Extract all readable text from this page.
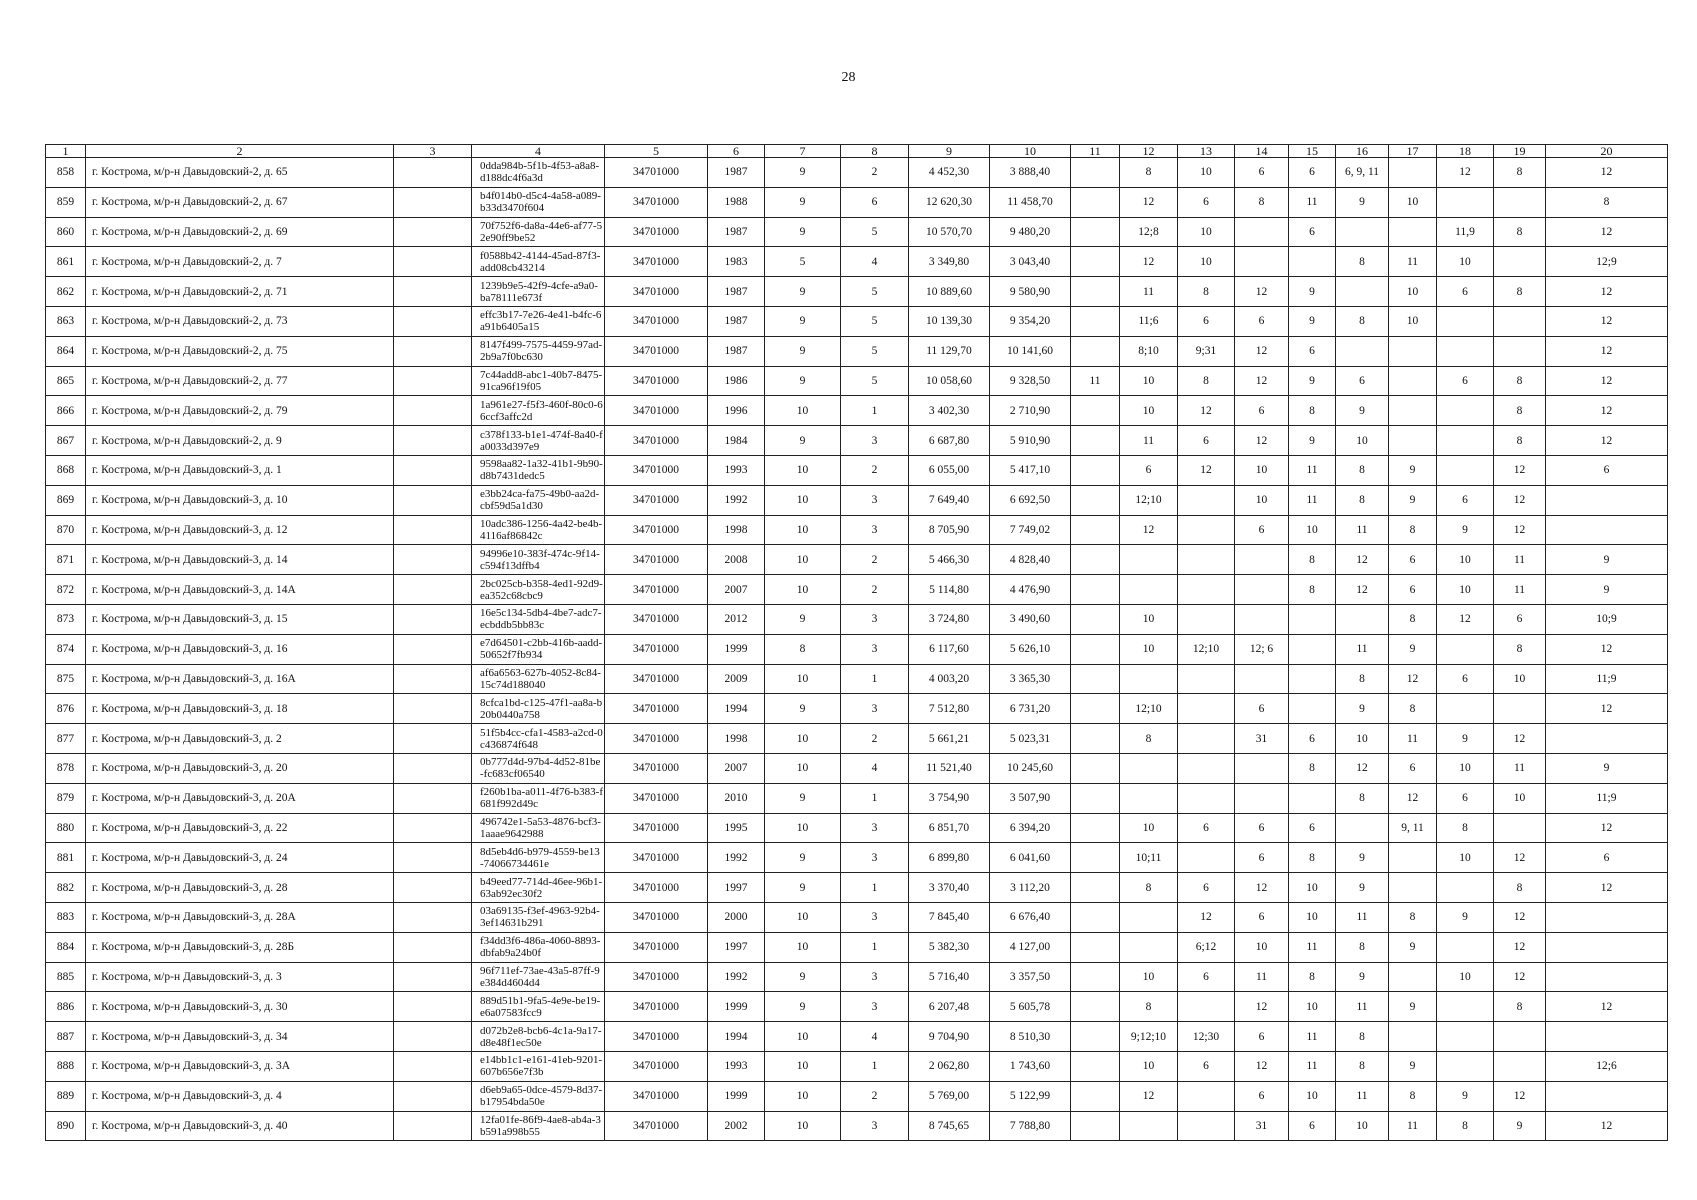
28
1	2	3	4	5	6	7	8	9	10	11	12	13	14	15	16	17	18	19	20
858	г. Кострома, м/р-н Давыдовский-2, д. 65		0dda984b-5f1b-4f53-a8a8-d188dc4f6a3d	34701000	1987	9	2	4 452,30	3 888,40		8	10	6	6	6, 9, 11		12	8	12
859	г. Кострома, м/р-н Давыдовский-2, д. 67		b4f014b0-d5c4-4a58-a089-b33d3470f604	34701000	1988	9	6	12 620,30	11 458,70		12	6	8	11	9	10			8
860	г. Кострома, м/р-н Давыдовский-2, д. 69		70f752f6-da8a-44e6-af77-52e90ff9be52	34701000	1987	9	5	10 570,70	9 480,20		12;8	10		6			11,9	8	12
861	г. Кострома, м/р-н Давыдовский-2, д. 7		f0588b42-4144-45ad-87f3-add08cb43214	34701000	1983	5	4	3 349,80	3 043,40		12	10			8	11	10		12;9
862	г. Кострома, м/р-н Давыдовский-2, д. 71		1239b9e5-42f9-4cfe-a9a0-ba78111e673f	34701000	1987	9	5	10 889,60	9 580,90		11	8	12	9		10	6	8	12
863	г. Кострома, м/р-н Давыдовский-2, д. 73		effc3b17-7e26-4e41-b4fc-6a91b6405a15	34701000	1987	9	5	10 139,30	9 354,20		11;6	6	6	9	8	10			12
864	г. Кострома, м/р-н Давыдовский-2, д. 75		8147f499-7575-4459-97ad-2b9a7f0bc630	34701000	1987	9	5	11 129,70	10 141,60		8;10	9;31	12	6					12
865	г. Кострома, м/р-н Давыдовский-2, д. 77		7c44add8-abc1-40b7-8475-91ca96f19f05	34701000	1986	9	5	10 058,60	9 328,50	11	10	8	12	9	6		6	8	12
866	г. Кострома, м/р-н Давыдовский-2, д. 79		1a961e27-f5f3-460f-80c0-66ccf3affc2d	34701000	1996	10	1	3 402,30	2 710,90		10	12	6	8	9			8	12
867	г. Кострома, м/р-н Давыдовский-2, д. 9		c378f133-b1e1-474f-8a40-fa0033d397e9	34701000	1984	9	3	6 687,80	5 910,90		11	6	12	9	10			8	12
868	г. Кострома, м/р-н Давыдовский-3, д. 1		9598aa82-1a32-41b1-9b90-d8b7431dedc5	34701000	1993	10	2	6 055,00	5 417,10		6	12	10	11	8	9		12	6
869	г. Кострома, м/р-н Давыдовский-3, д. 10		e3bb24ca-fa75-49b0-aa2d-cbf59d5a1d30	34701000	1992	10	3	7 649,40	6 692,50		12;10		10	11	8	9	6	12	
870	г. Кострома, м/р-н Давыдовский-3, д. 12		10adc386-1256-4a42-be4b-4116af86842c	34701000	1998	10	3	8 705,90	7 749,02		12		6	10	11	8	9	12	
871	г. Кострома, м/р-н Давыдовский-3, д. 14		94996e10-383f-474c-9f14-c594f13dffb4	34701000	2008	10	2	5 466,30	4 828,40					8	12	6	10	11	9
872	г. Кострома, м/р-н Давыдовский-3, д. 14А		2bc025cb-b358-4ed1-92d9-ea352c68cbc9	34701000	2007	10	2	5 114,80	4 476,90					8	12	6	10	11	9
873	г. Кострома, м/р-н Давыдовский-3, д. 15		16e5c134-5db4-4be7-adc7-ecbddb5bb83c	34701000	2012	9	3	3 724,80	3 490,60		10					8	12	6	10;9
874	г. Кострома, м/р-н Давыдовский-3, д. 16		e7d64501-c2bb-416b-aadd-50652f7fb934	34701000	1999	8	3	6 117,60	5 626,10		10	12;10	12; 6		11	9		8	12
875	г. Кострома, м/р-н Давыдовский-3, д. 16А		af6a6563-627b-4052-8c84-15c74d188040	34701000	2009	10	1	4 003,20	3 365,30						8	12	6	10	11;9
876	г. Кострома, м/р-н Давыдовский-3, д. 18		8cfca1bd-c125-47f1-aa8a-b20b0440a758	34701000	1994	9	3	7 512,80	6 731,20		12;10		6		9	8			12
877	г. Кострома, м/р-н Давыдовский-3, д. 2		51f5b4cc-cfa1-4583-a2cd-0c436874f648	34701000	1998	10	2	5 661,21	5 023,31		8		31	6	10	11	9	12	
878	г. Кострома, м/р-н Давыдовский-3, д. 20		0b777d4d-97b4-4d52-81be-fc683cf06540	34701000	2007	10	4	11 521,40	10 245,60					8	12	6	10	11	9
879	г. Кострома, м/р-н Давыдовский-3, д. 20А		f260b1ba-a011-4f76-b383-f681f992d49c	34701000	2010	9	1	3 754,90	3 507,90						8	12	6	10	11;9
880	г. Кострома, м/р-н Давыдовский-3, д. 22		496742e1-5a53-4876-bcf3-1aaae9642988	34701000	1995	10	3	6 851,70	6 394,20		10	6	6	6		9, 11	8		12
881	г. Кострома, м/р-н Давыдовский-3, д. 24		8d5eb4d6-b979-4559-be13-74066734461e	34701000	1992	9	3	6 899,80	6 041,60		10;11		6	8	9		10	12	6
882	г. Кострома, м/р-н Давыдовский-3, д. 28		b49eed77-714d-46ee-96b1-63ab92ec30f2	34701000	1997	9	1	3 370,40	3 112,20		8	6	12	10	9			8	12
883	г. Кострома, м/р-н Давыдовский-3, д. 28А		03a69135-f3ef-4963-92b4-3ef14631b291	34701000	2000	10	3	7 845,40	6 676,40			12	6	10	11	8	9	12	
884	г. Кострома, м/р-н Давыдовский-3, д. 28Б		f34dd3f6-486a-4060-8893-dbfab9a24b0f	34701000	1997	10	1	5 382,30	4 127,00			6;12	10	11	8	9		12	
885	г. Кострома, м/р-н Давыдовский-3, д. 3		96f711ef-73ae-43a5-87ff-9e384d4604d4	34701000	1992	9	3	5 716,40	3 357,50		10	6	11	8	9		10	12	
886	г. Кострома, м/р-н Давыдовский-3, д. 30		889d51b1-9fa5-4e9e-be19-e6a07583fcc9	34701000	1999	9	3	6 207,48	5 605,78		8		12	10	11	9		8	12
887	г. Кострома, м/р-н Давыдовский-3, д. 34		d072b2e8-bcb6-4c1a-9a17-d8e48f1ec50e	34701000	1994	10	4	9 704,90	8 510,30		9;12;10	12;30	6	11	8				
888	г. Кострома, м/р-н Давыдовский-3, д. 3А		e14bb1c1-e161-41eb-9201-607b656e7f3b	34701000	1993	10	1	2 062,80	1 743,60		10	6	12	11	8	9			12;6
889	г. Кострома, м/р-н Давыдовский-3, д. 4		d6eb9a65-0dce-4579-8d37-b17954bda50e	34701000	1999	10	2	5 769,00	5 122,99		12		6	10	11	8	9	12	
890	г. Кострома, м/р-н Давыдовский-3, д. 40		12fa01fe-86f9-4ae8-ab4a-3b591a998b55	34701000	2002	10	3	8 745,65	7 788,80				31	6	10	11	8	9	12
